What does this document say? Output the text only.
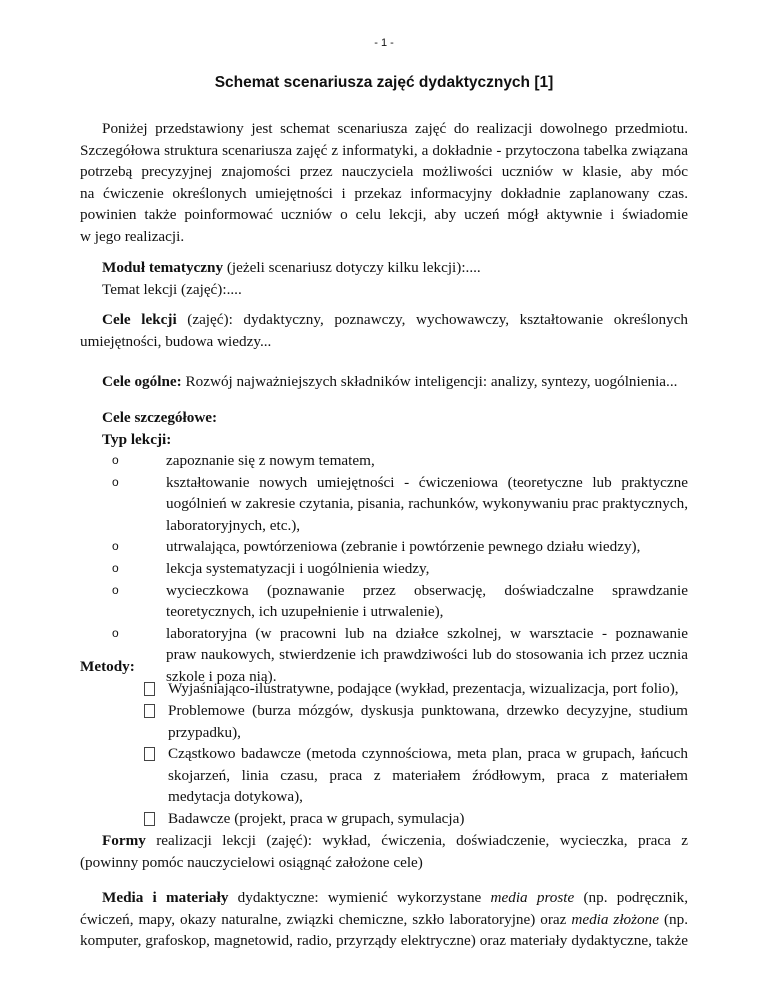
- 1 -
Schemat scenariusza zajęć dydaktycznych [1]
Poniżej przedstawiony jest schemat scenariusza zajęć do realizacji dowolnego przedmiotu.
Szczegółowa struktura scenariusza zajęć z informatyki, a dokładnie - przytoczona tabelka związana
potrzebą precyzyjnej znajomości przez nauczyciela możliwości uczniów w klasie, aby móc
na ćwiczenie określonych umiejętności i przekaz informacyjny dokładnie zaplanowany czas.
powinien także poinformować uczniów o celu lekcji, aby uczeń mógł aktywnie i świadomie
w jego realizacji.
Moduł tematyczny (jeżeli scenariusz dotyczy kilku lekcji):....
Temat lekcji (zajęć):....
Cele lekcji (zajęć): dydaktyczny, poznawczy, wychowawczy, kształtowanie określonych
umiejętności, budowa wiedzy...
Cele ogólne: Rozwój najważniejszych składników inteligencji: analizy, syntezy, uogólnienia...
Cele szczegółowe:
Typ lekcji:
o	zapoznanie się z nowym tematem,
o	kształtowanie nowych umiejętności - ćwiczeniowa (teoretyczne lub praktyczne
uogólnień w zakresie czytania, pisania, rachunków, wykonywaniu prac praktycznych,
laboratoryjnych, etc.),
o	utrwalająca, powtórzeniowa (zebranie i powtórzenie pewnego działu wiedzy),
o	lekcja systematyzacji i uogólnienia wiedzy,
o	wycieczkowa (poznawanie przez obserwację, doświadczalne sprawdzanie
teoretycznych, ich uzupełnienie i utrwalenie),
o	laboratoryjna (w pracowni lub na działce szkolnej, w warsztacie - poznawanie
praw naukowych, stwierdzenie ich prawdziwości lub do stosowania ich przez ucznia
szkole i poza nią).
Metody:
Wyjaśniająco-ilustratywne, podające (wykład, prezentacja, wizualizacja, port folio),
Problemowe (burza mózgów, dyskusja punktowana, drzewko decyzyjne, studium
przypadku),
Cząstkowo badawcze (metoda czynnościowa, meta plan, praca w grupach, łańcuch
skojarzeń, linia czasu, praca z materiałem źródłowym, praca z materiałem
medytacja dotykowa),
Badawcze (projekt, praca w grupach, symulacja)
Formy realizacji lekcji (zajęć): wykład, ćwiczenia, doświadczenie, wycieczka, praca z
(powinny pomóc nauczycielowi osiągnąć założone cele)
Media i materiały dydaktyczne: wymienić wykorzystane media proste (np. podręcznik,
ćwiczeń, mapy, okazy naturalne, związki chemiczne, szkło laboratoryjne) oraz media złożone (np.
komputer, grafoskop, magnetowid, radio, przyrządy elektryczne) oraz materiały dydaktyczne, także
